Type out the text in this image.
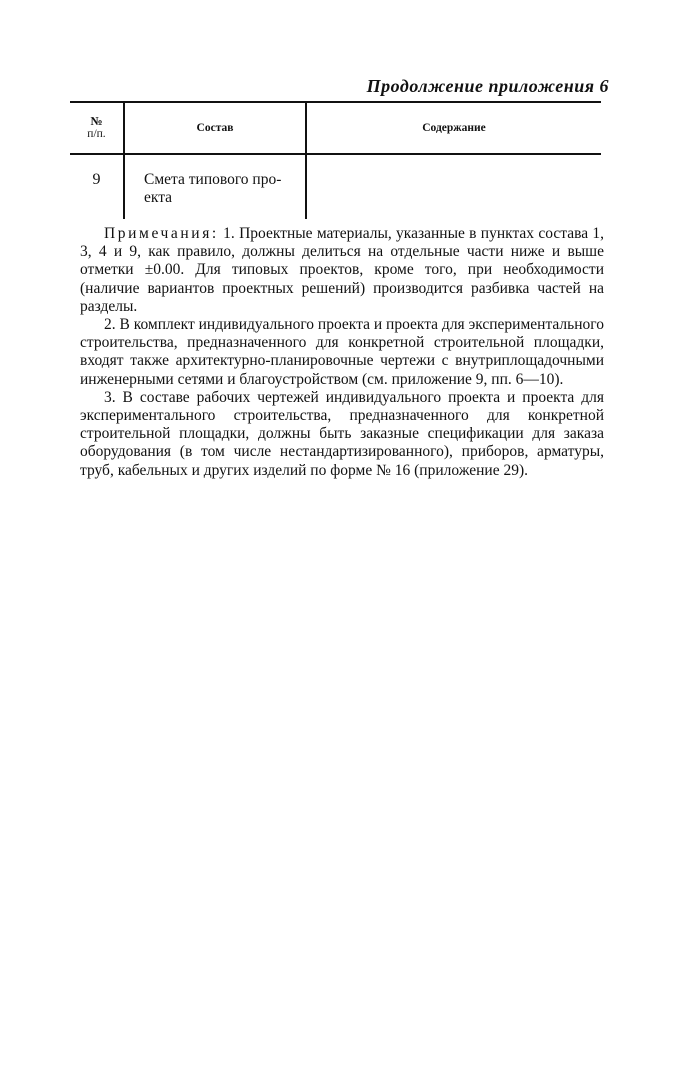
Продолжение приложения 6
№
п/п.
Состав	Содержание
9	Смета типового про-
екта

Примечания: 1. Проектные материалы, указанные в пунктах состава 1, 3, 4 и 9, как правило, должны делиться на отдельные части ниже и выше отметки ±0.00. Для типовых проектов, кроме того, при необходимости (наличие вариантов проектных решений) производится разбивка частей на разделы.

2. В комплект индивидуального проекта и проекта для экспериментального строительства, предназначенного для конкретной строительной площадки, входят также архитектурно-планировочные чертежи с внутриплощадочными инженерными сетями и благоустройством (см. приложение 9, пп. 6—10).

3. В составе рабочих чертежей индивидуального проекта и проекта для экспериментального строительства, предназначенного для конкретной строительной площадки, должны быть заказные спецификации для заказа оборудования (в том числе нестандартизированного), приборов, арматуры, труб, кабельных и других изделий по форме № 16 (приложение 29).
